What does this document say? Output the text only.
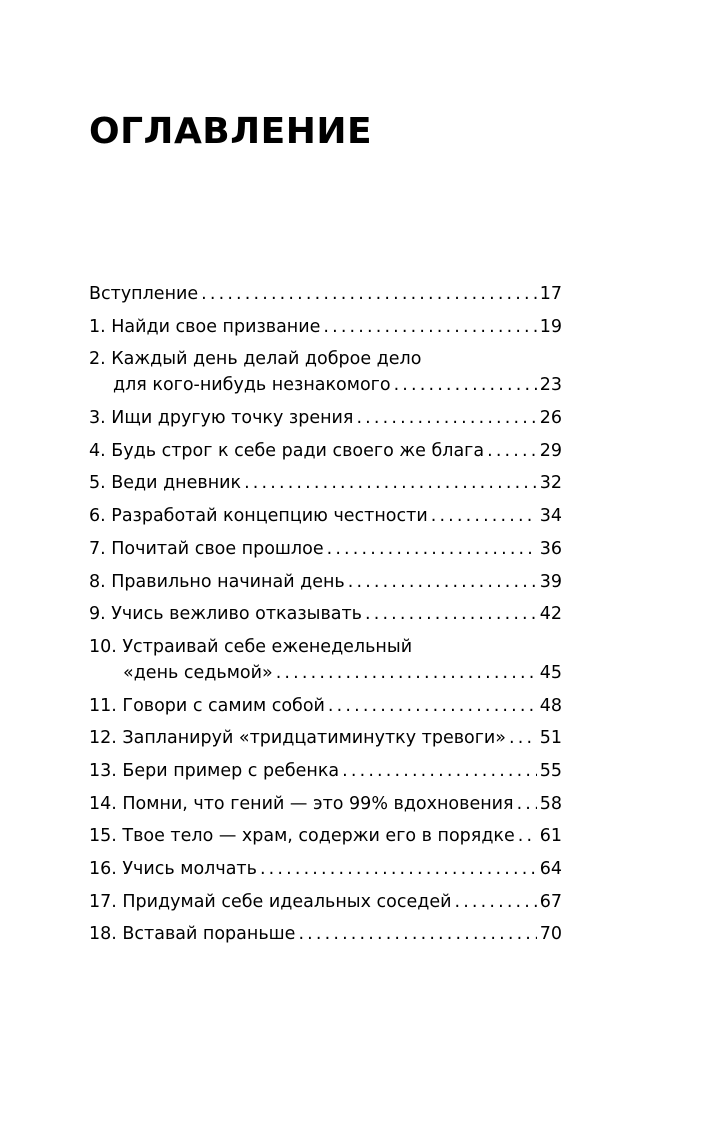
ОГЛАВЛЕНИЕ
Вступление . . .	17
1. Найди свое призвание . . .	19
2. Каждый день делай доброе дело
для кого-нибудь незнакомого . . .	23
3. Ищи другую точку зрения . . .	26
4. Будь строг к себе ради своего же блага . . .	29
5. Веди дневник . . .	32
6. Разработай концепцию честности . . .	34
7. Почитай свое прошлое . . .	36
8. Правильно начинай день . . .	39
9. Учись вежливо отказывать . . .	42
10. Устраивай себе еженедельный
«день седьмой» . . .	45
11. Говори с самим собой . . .	48
12. Запланируй «тридцатиминутку тревоги» . . . 51
13. Бери пример с ребенка . . .	55
14. Помни, что гений — это 99% вдохновения . . . 58
15. Твое тело — храм, содержи его в порядке . . . 61
16. Учись молчать . . .	64
17. Придумай себе идеальных соседей . . .	67
18. Вставай пораньше . . .	70
